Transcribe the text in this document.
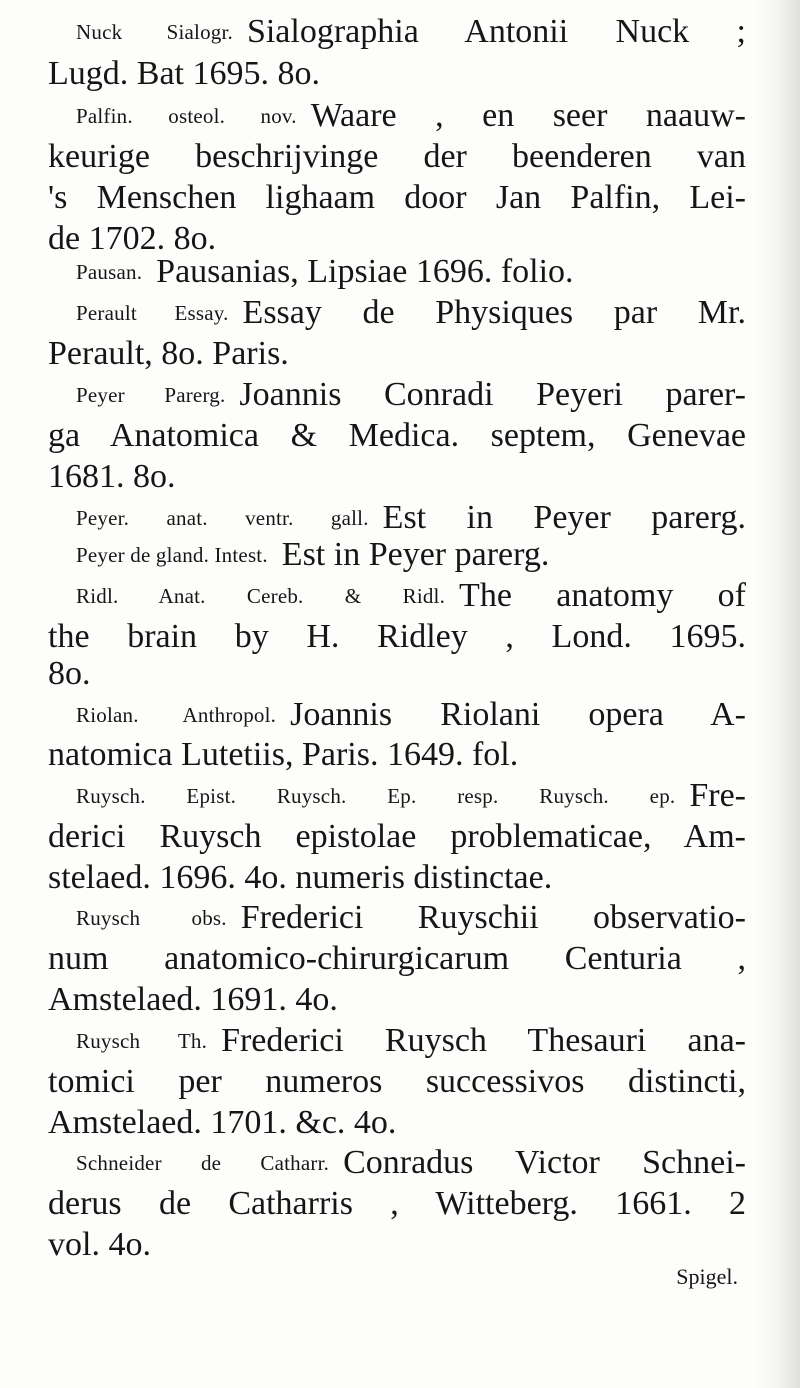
Nuck Sialogr. Sialographia Antonii Nuck ;
Lugd. Bat 1695. 8o.
Palfin. osteol. nov. Waare , en seer naauw-
keurige beschrijvinge der beenderen van
's Menschen lighaam door Jan Palfin, Lei-
de 1702. 8o.
Pausan. Pausanias, Lipsiae 1696. folio.
Perault Essay. Essay de Physiques par Mr.
Perault, 8o. Paris.
Peyer Parerg. Joannis Conradi Peyeri parer-
ga Anatomica & Medica. septem, Genevae
1681. 8o.
Peyer. anat. ventr. gall. Est in Peyer parerg.
Peyer de gland. Intest. Est in Peyer parerg.
Ridl. Anat. Cereb. & Ridl. The anatomy of
the brain by H. Ridley , Lond. 1695.
8o.
Riolan. Anthropol. Joannis Riolani opera A-
natomica Lutetiis, Paris. 1649. fol.
Ruysch. Epist. Ruysch. Ep. resp. Ruysch. ep. Fre-
derici Ruysch epistolae problematicae, Am-
stelaed. 1696. 4o. numeris distinctae.
Ruysch obs. Frederici Ruyschii observatio-
num anatomico-chirurgicarum Centuria ,
Amstelaed. 1691. 4o.
Ruysch Th. Frederici Ruysch Thesauri ana-
tomici per numeros successivos distincti,
Amstelaed. 1701. &c. 4o.
Schneider de Catharr. Conradus Victor Schnei-
derus de Catharris , Witteberg. 1661. 2
vol. 4o.
Spigel.
